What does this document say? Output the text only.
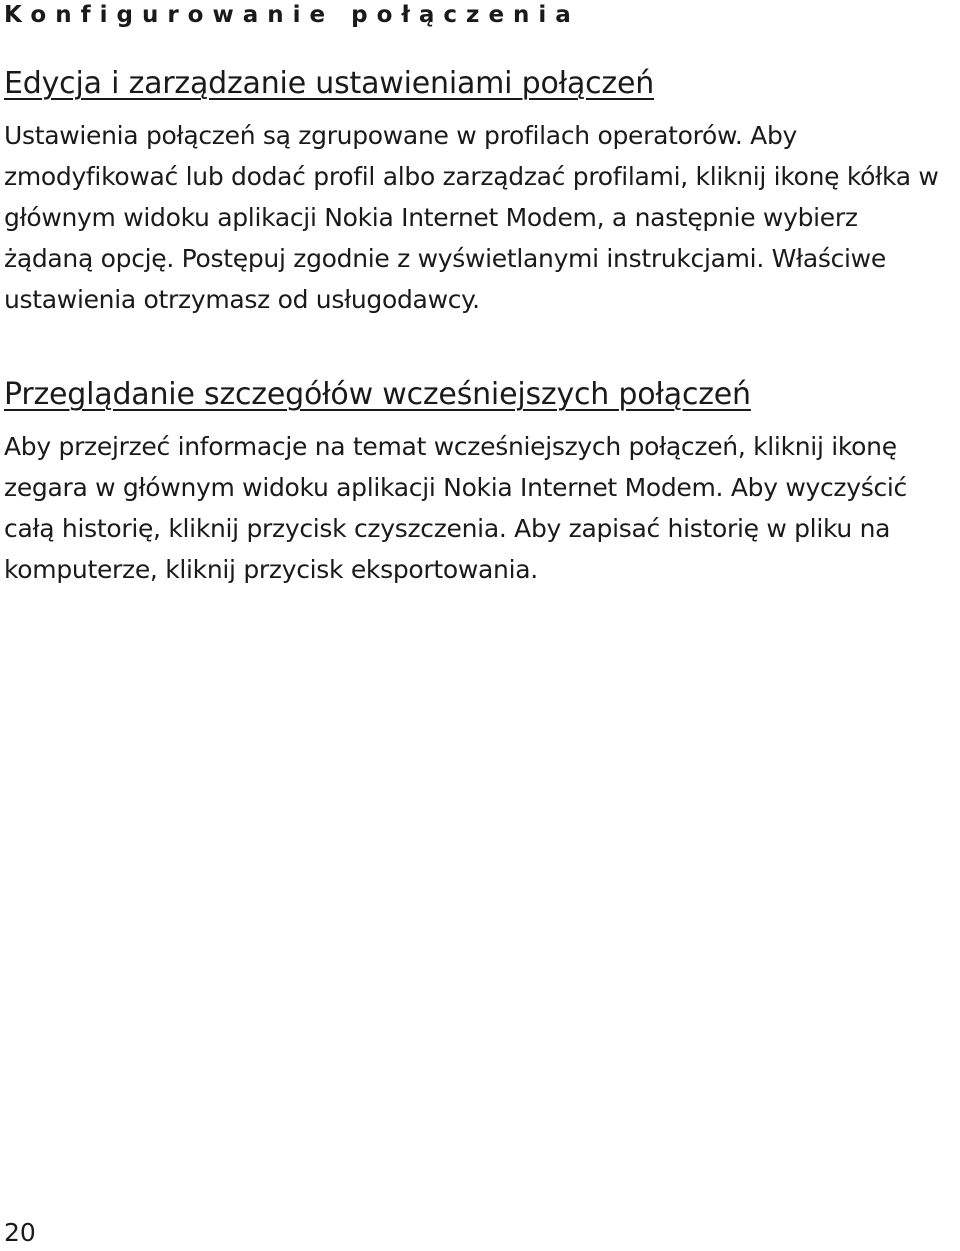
Konfigurowanie połączenia
Edycja i zarządzanie ustawieniami połączeń

Ustawienia połączeń są zgrupowane w profilach operatorów. Aby zmodyfikować lub dodać profil albo zarządzać profilami, kliknij ikonę kółka w głównym widoku aplikacji Nokia Internet Modem, a następnie wybierz żądaną opcję. Postępuj zgodnie z wyświetlanymi instrukcjami. Właściwe ustawienia otrzymasz od usługodawcy.

Przeglądanie szczegółów wcześniejszych połączeń

Aby przejrzeć informacje na temat wcześniejszych połączeń, kliknij ikonę zegara w głównym widoku aplikacji Nokia Internet Modem. Aby wyczyścić całą historię, kliknij przycisk czyszczenia. Aby zapisać historię w pliku na komputerze, kliknij przycisk eksportowania.

20
